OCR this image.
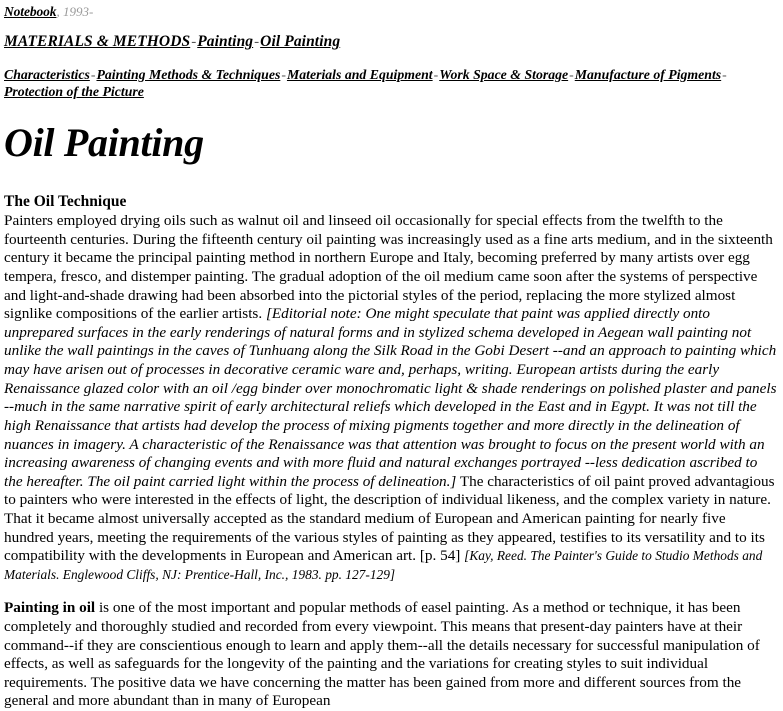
Notebook, 1993-
MATERIALS & METHODS-Painting-Oil Painting
Characteristics-Painting Methods & Techniques-Materials and Equipment-Work Space & Storage-Manufacture of Pigments-Protection of the Picture
Oil Painting
The Oil Technique

Painters employed drying oils such as walnut oil and linseed oil occasionally for special effects from the twelfth to the fourteenth centuries. During the fifteenth century oil painting was increasingly used as a fine arts medium, and in the sixteenth century it became the principal painting method in northern Europe and Italy, becoming preferred by many artists over egg tempera, fresco, and distemper painting. The gradual adoption of the oil medium came soon after the systems of perspective and light-and-shade drawing had been absorbed into the pictorial styles of the period, replacing the more stylized almost signlike compositions of the earlier artists. [Editorial note: One might speculate that paint was applied directly onto unprepared surfaces in the early renderings of natural forms and in stylized schema developed in Aegean wall painting not unlike the wall paintings in the caves of Tunhuang along the Silk Road in the Gobi Desert --and an approach to painting which may have arisen out of processes in decorative ceramic ware and, perhaps, writing. European artists during the early Renaissance glazed color with an oil /egg binder over monochromatic light & shade renderings on polished plaster and panels --much in the same narrative spirit of early architectural reliefs which developed in the East and in Egypt. It was not till the high Renaissance that artists had develop the process of mixing pigments together and more directly in the delineation of nuances in imagery. A characteristic of the Renaissance was that attention was brought to focus on the present world with an increasing awareness of changing events and with more fluid and natural exchanges portrayed --less dedication ascribed to the hereafter. The oil paint carried light within the process of delineation.] The characteristics of oil paint proved advantagious to painters who were interested in the effects of light, the description of individual likeness, and the complex variety in nature. That it became almost universally accepted as the standard medium of European and American painting for nearly five hundred years, meeting the requirements of the various styles of painting as they appeared, testifies to its versatility and to its compatibility with the developments in European and American art. [p. 54] [Kay, Reed. The Painter's Guide to Studio Methods and Materials. Englewood Cliffs, NJ: Prentice-Hall, Inc., 1983. pp. 127-129]

Painting in oil is one of the most important and popular methods of easel painting. As a method or technique, it has been completely and thoroughly studied and recorded from every viewpoint. This means that present-day painters have at their command--if they are conscientious enough to learn and apply them--all the details necessary for successful manipulation of effects, as well as safeguards for the longevity of the painting and the variations for creating styles to suit individual requirements. The positive data we have concerning the matter has been gained from more and different sources from the general and more abundant than in many of European
